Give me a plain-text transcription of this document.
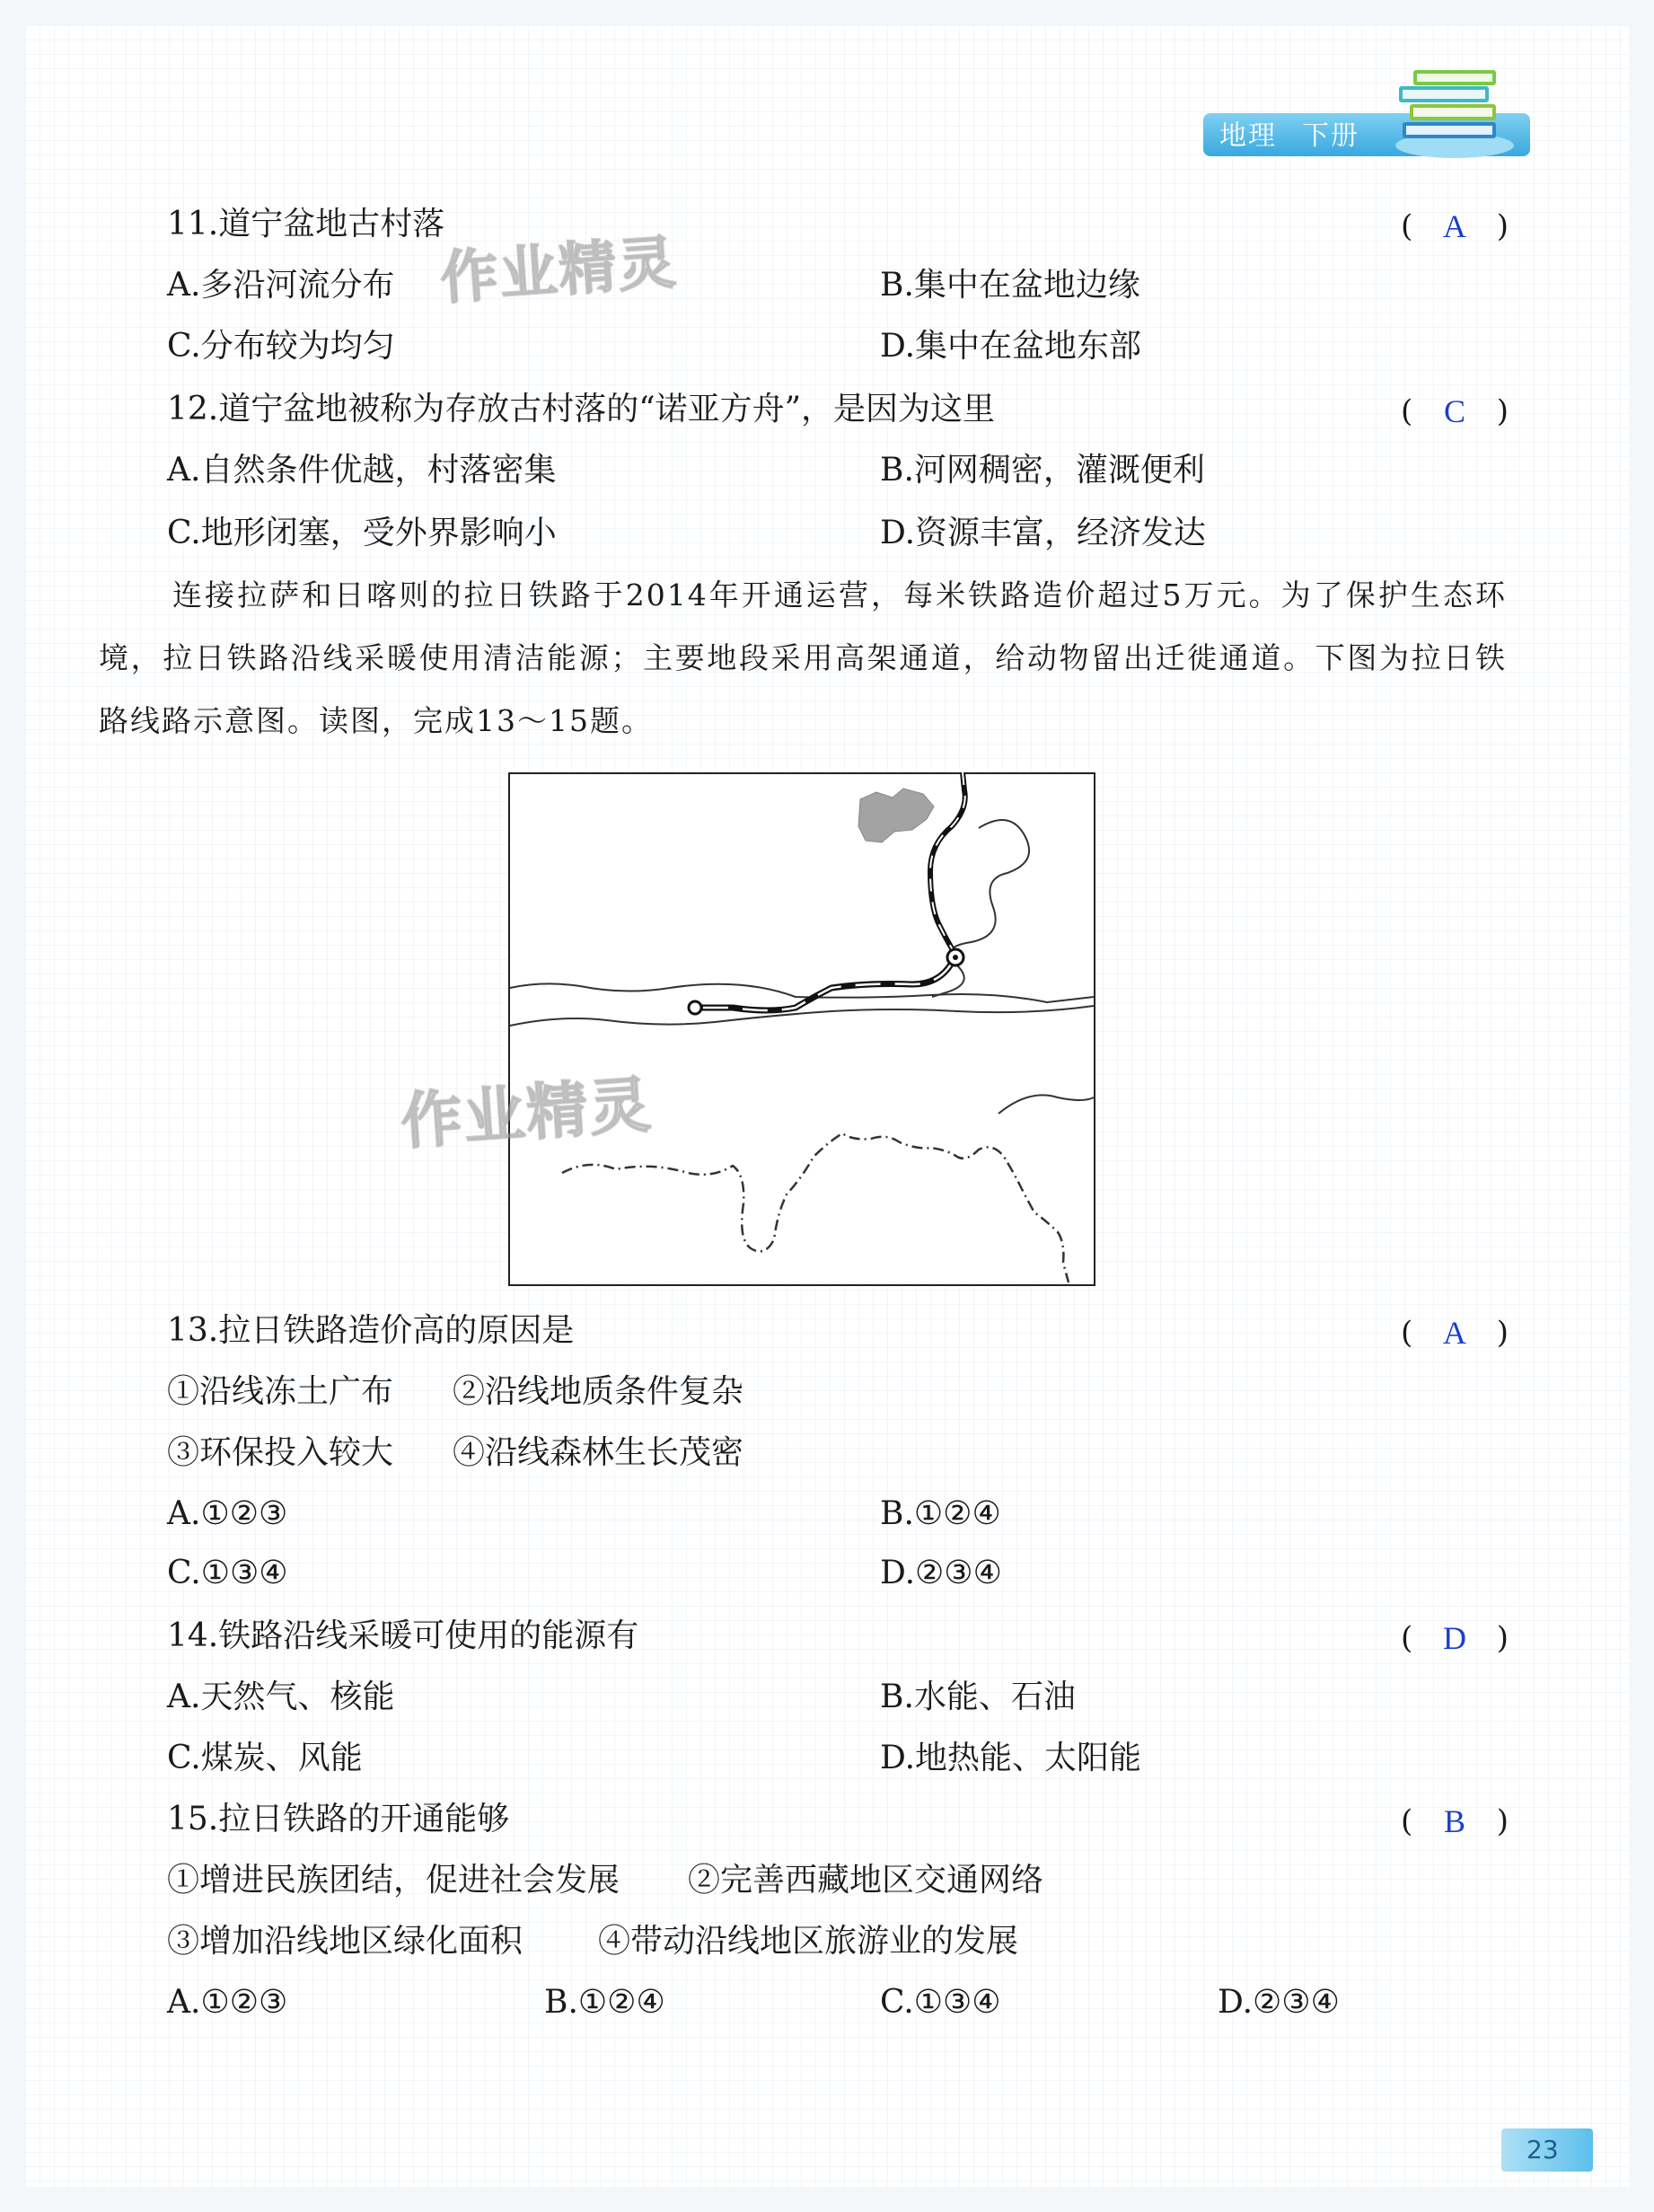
地理 下册
11.道宁盆地古村落	( A )
A.多沿河流分布	B.集中在盆地边缘
C.分布较为均匀	D.集中在盆地东部
12.道宁盆地被称为存放古村落的“诺亚方舟”，是因为这里	( C	)
A.自然条件优越，村落密集	B.河网稠密，灌溉便利
C.地形闭塞，受外界影响小	D.资源丰富，经济发达

连接拉萨和日喀则的拉日铁路于2014年开通运营，每米铁路造价超过5万元。为了保护生态环境，拉日铁路沿线采暖使用清洁能源；主要地段采用高架通道，给动物留出迁徙通道。下图为拉日铁路线路示意图。读图，完成13～15题。

作业精灵
作业精灵
13.拉日铁路造价高的原因是	( A )
①沿线冻土广布 ②沿线地质条件复杂
③环保投入较大 ④沿线森林生长茂密
A.①②③	B.①②④
C.①③④	D.②③④
14.铁路沿线采暖可使用的能源有	( D )
A.天然气、核能	B.水能、石油
C.煤炭、风能	D.地热能、太阳能
15.拉日铁路的开通能够	( B	)
①增进民族团结，促进社会发展 ②完善西藏地区交通网络
③增加沿线地区绿化面积 ④带动沿线地区旅游业的发展
A.①②③	B.①②④	C.①③④	D.②③④
23
